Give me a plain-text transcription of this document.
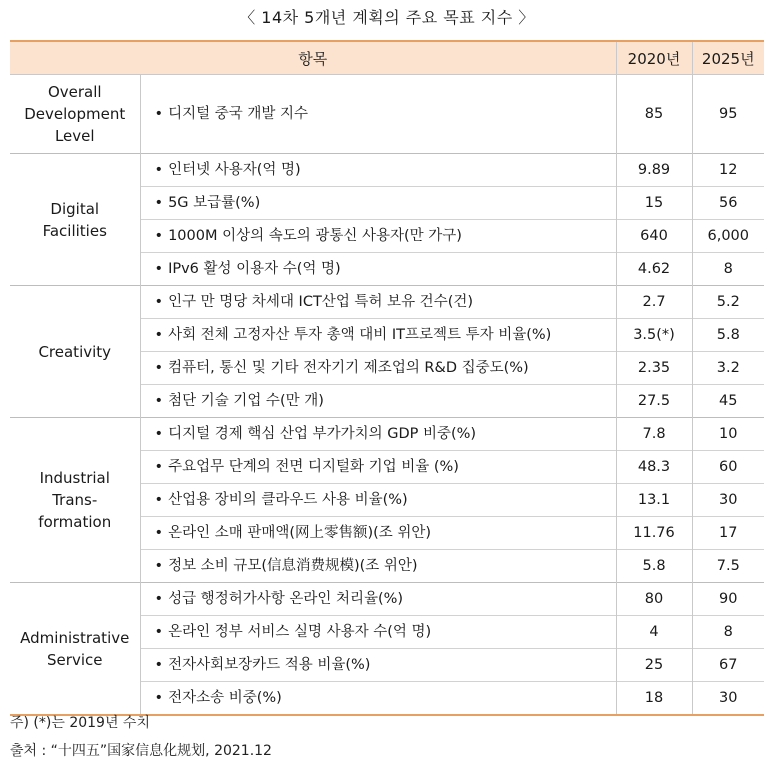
〈 14차 5개년 계획의 주요 목표 지수 〉
항목		2020년	2025년

Overall
Development
Level	• 디지털 중국 개발 지수	85	95

Digital
Facilities	• 인터넷 사용자(억 명)	9.89	12
	• 5G 보급률(%)	15	56
	• 1000M 이상의 속도의 광통신 사용자(만 가구)	640	6,000
	• IPv6 활성 이용자 수(억 명)	4.62	8

Creativity	• 인구 만 명당 차세대 ICT산업 특허 보유 건수(건)	2.7	5.2
	• 사회 전체 고정자산 투자 총액 대비 IT프로젝트 투자 비율(%)	3.5(*)	5.8
	• 컴퓨터, 통신 및 기타 전자기기 제조업의 R&D 집중도(%)	2.35	3.2
	• 첨단 기술 기업 수(만 개)	27.5	45

Industrial
Trans-
formation	• 디지털 경제 핵심 산업 부가가치의 GDP 비중(%)	7.8	10
	• 주요업무 단계의 전면 디지털화 기업 비율 (%)	48.3	60
	• 산업용 장비의 클라우드 사용 비율(%)	13.1	30
	• 온라인 소매 판매액(网上零售额)(조 위안)	11.76	17
	• 정보 소비 규모(信息消费规模)(조 위안)	5.8	7.5

Administrative
Service	• 성급 행정허가사항 온라인 처리율(%)	80	90
	• 온라인 정부 서비스 실명 사용자 수(억 명)	4	8
	• 전자사회보장카드 적용 비율(%)	25	67
	• 전자소송 비중(%)	18	30
주) (*)는 2019년 수치
출처 : “十四五”国家信息化规划, 2021.12
